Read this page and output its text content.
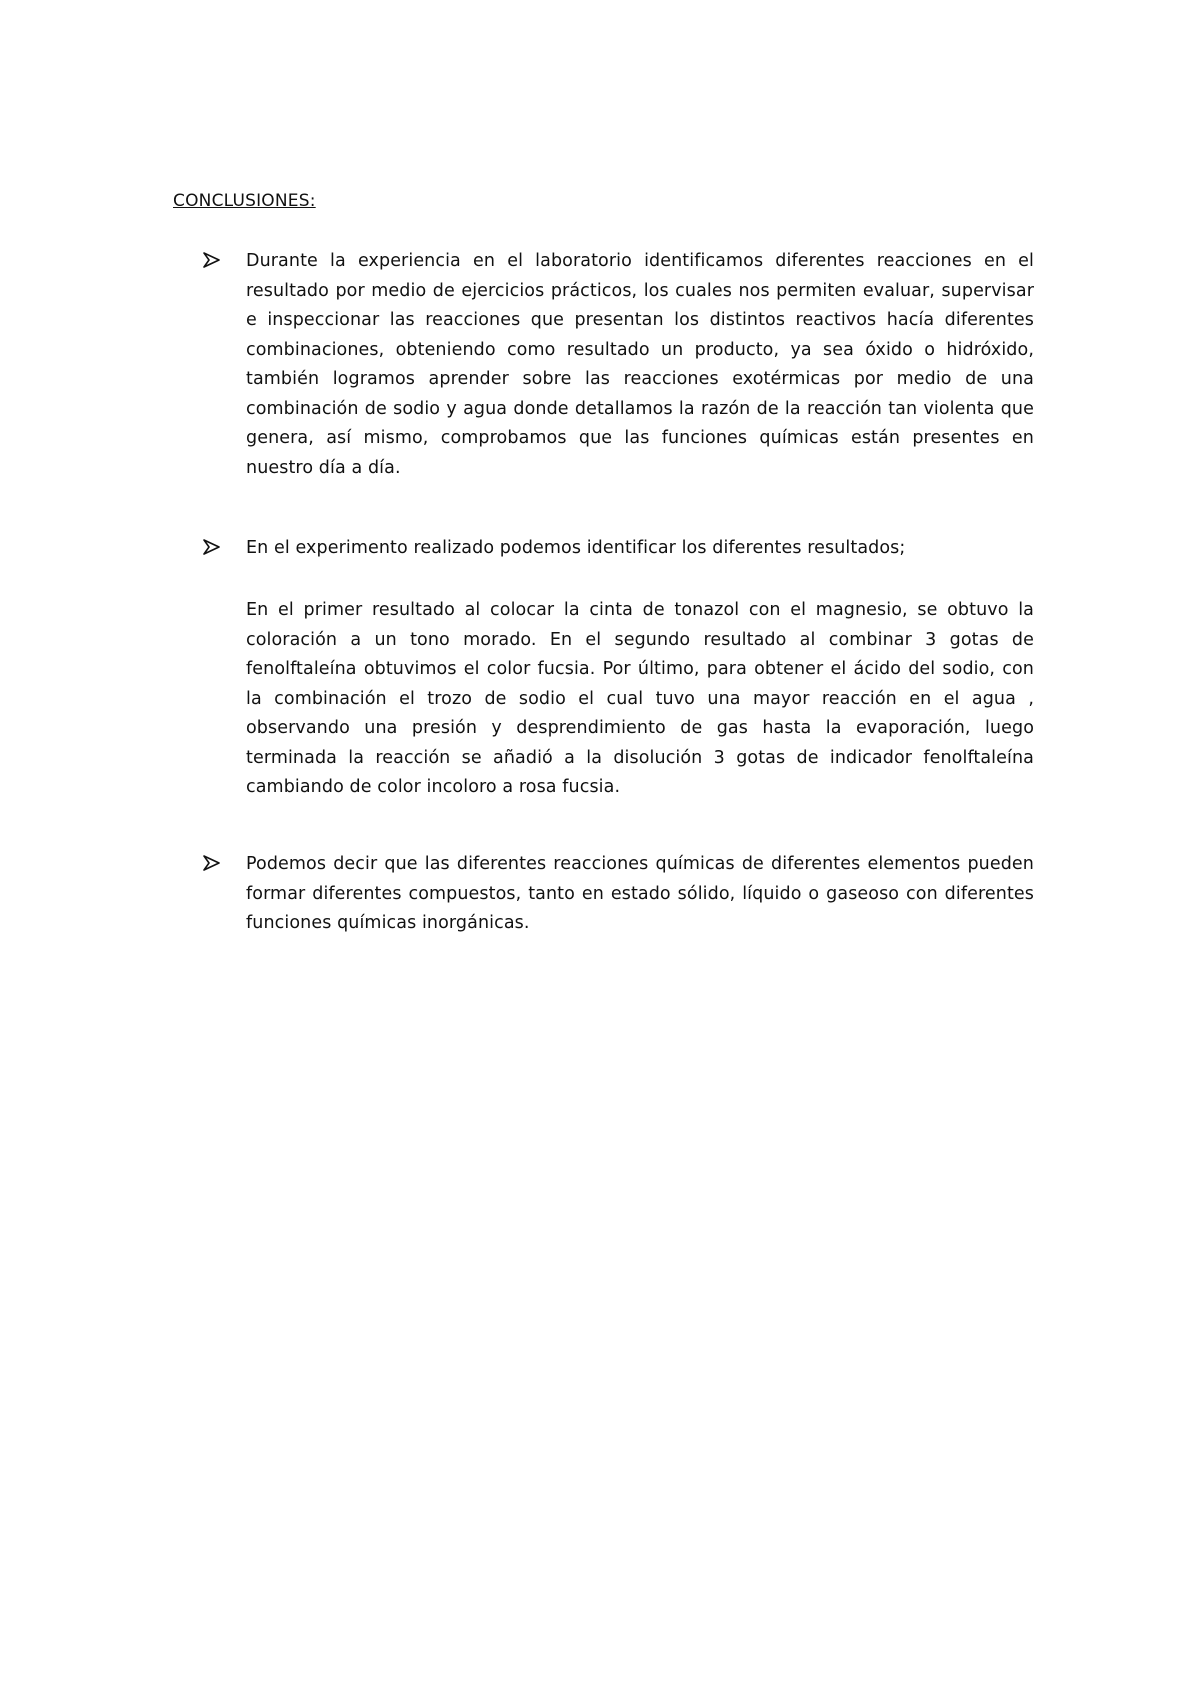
CONCLUSIONES:
Durante la experiencia en el laboratorio identificamos diferentes reacciones en el resultado por medio de ejercicios prácticos, los cuales nos permiten evaluar, supervisar e inspeccionar las reacciones que presentan los distintos reactivos hacía diferentes combinaciones, obteniendo como resultado un producto, ya sea óxido o hidróxido, también logramos aprender sobre las reacciones exotérmicas por medio de una combinación de sodio y agua donde detallamos la razón de la reacción tan violenta que genera, así mismo, comprobamos que las funciones químicas están presentes en nuestro día a día.
En el experimento realizado podemos identificar los diferentes resultados;
En el primer resultado al colocar la cinta de tonazol con el magnesio, se obtuvo la coloración a un tono morado. En el segundo resultado al combinar 3 gotas de fenolftaleína obtuvimos el color fucsia. Por último, para obtener el ácido del sodio, con la combinación el trozo de sodio el cual tuvo una mayor reacción en el agua , observando una presión y desprendimiento de gas hasta la evaporación, luego terminada la reacción se añadió a la disolución 3 gotas de indicador fenolftaleína cambiando de color incoloro a rosa fucsia.
Podemos decir que las diferentes reacciones químicas de diferentes elementos pueden formar diferentes compuestos, tanto en estado sólido, líquido o gaseoso con diferentes funciones químicas inorgánicas.
